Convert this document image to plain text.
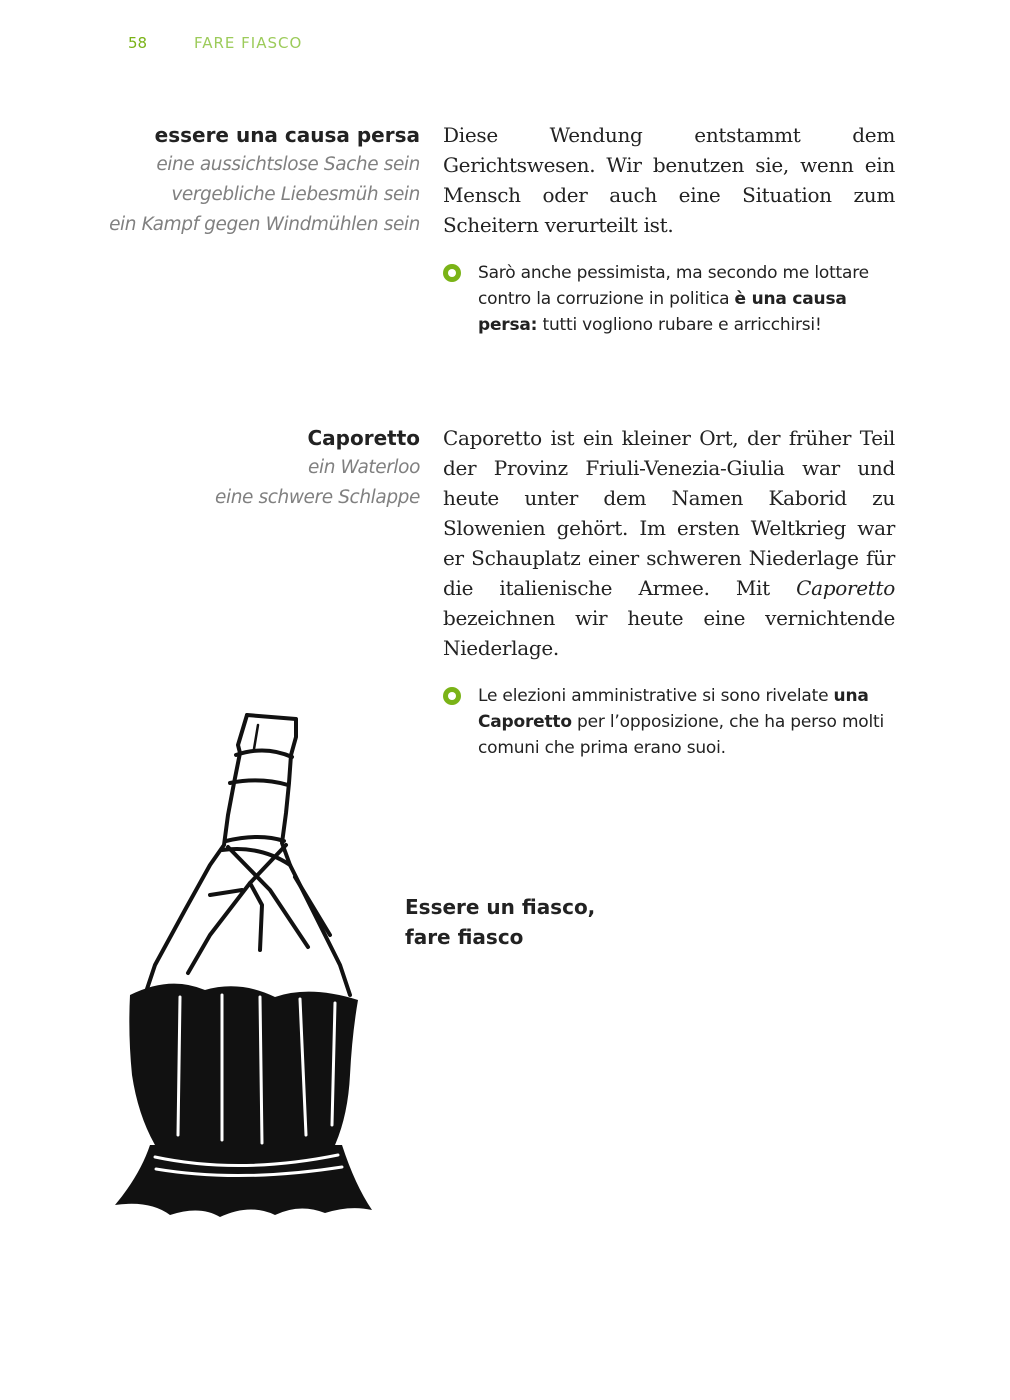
58	FARE FIASCO
essere una causa persa
eine aussichtslose Sache sein
vergebliche Liebesmüh sein
ein Kampf gegen Windmühlen sein

Diese Wendung entstammt dem Gerichtswesen. Wir benutzen sie, wenn ein Mensch oder auch eine Situation zum Scheitern verurteilt ist.

Sarò anche pessimista, ma secondo me lottare contro la corruzione in politica è una causa persa: tutti vogliono rubare e arricchirsi!
Caporetto
ein Waterloo
eine schwere Schlappe

Caporetto ist ein kleiner Ort, der früher Teil der Provinz Friuli-Venezia-Giulia war und heute unter dem Namen Kaborid zu Slowenien gehört. Im ersten Weltkrieg war er Schauplatz einer schweren Niederlage für die italienische Armee. Mit Caporetto bezeichnen wir heute eine vernichtende Niederlage.

Le elezioni amministrative si sono rivelate una Caporetto per l’opposizione, che ha perso molti comuni che prima erano suoi.
Essere un fiasco,
fare fiasco
